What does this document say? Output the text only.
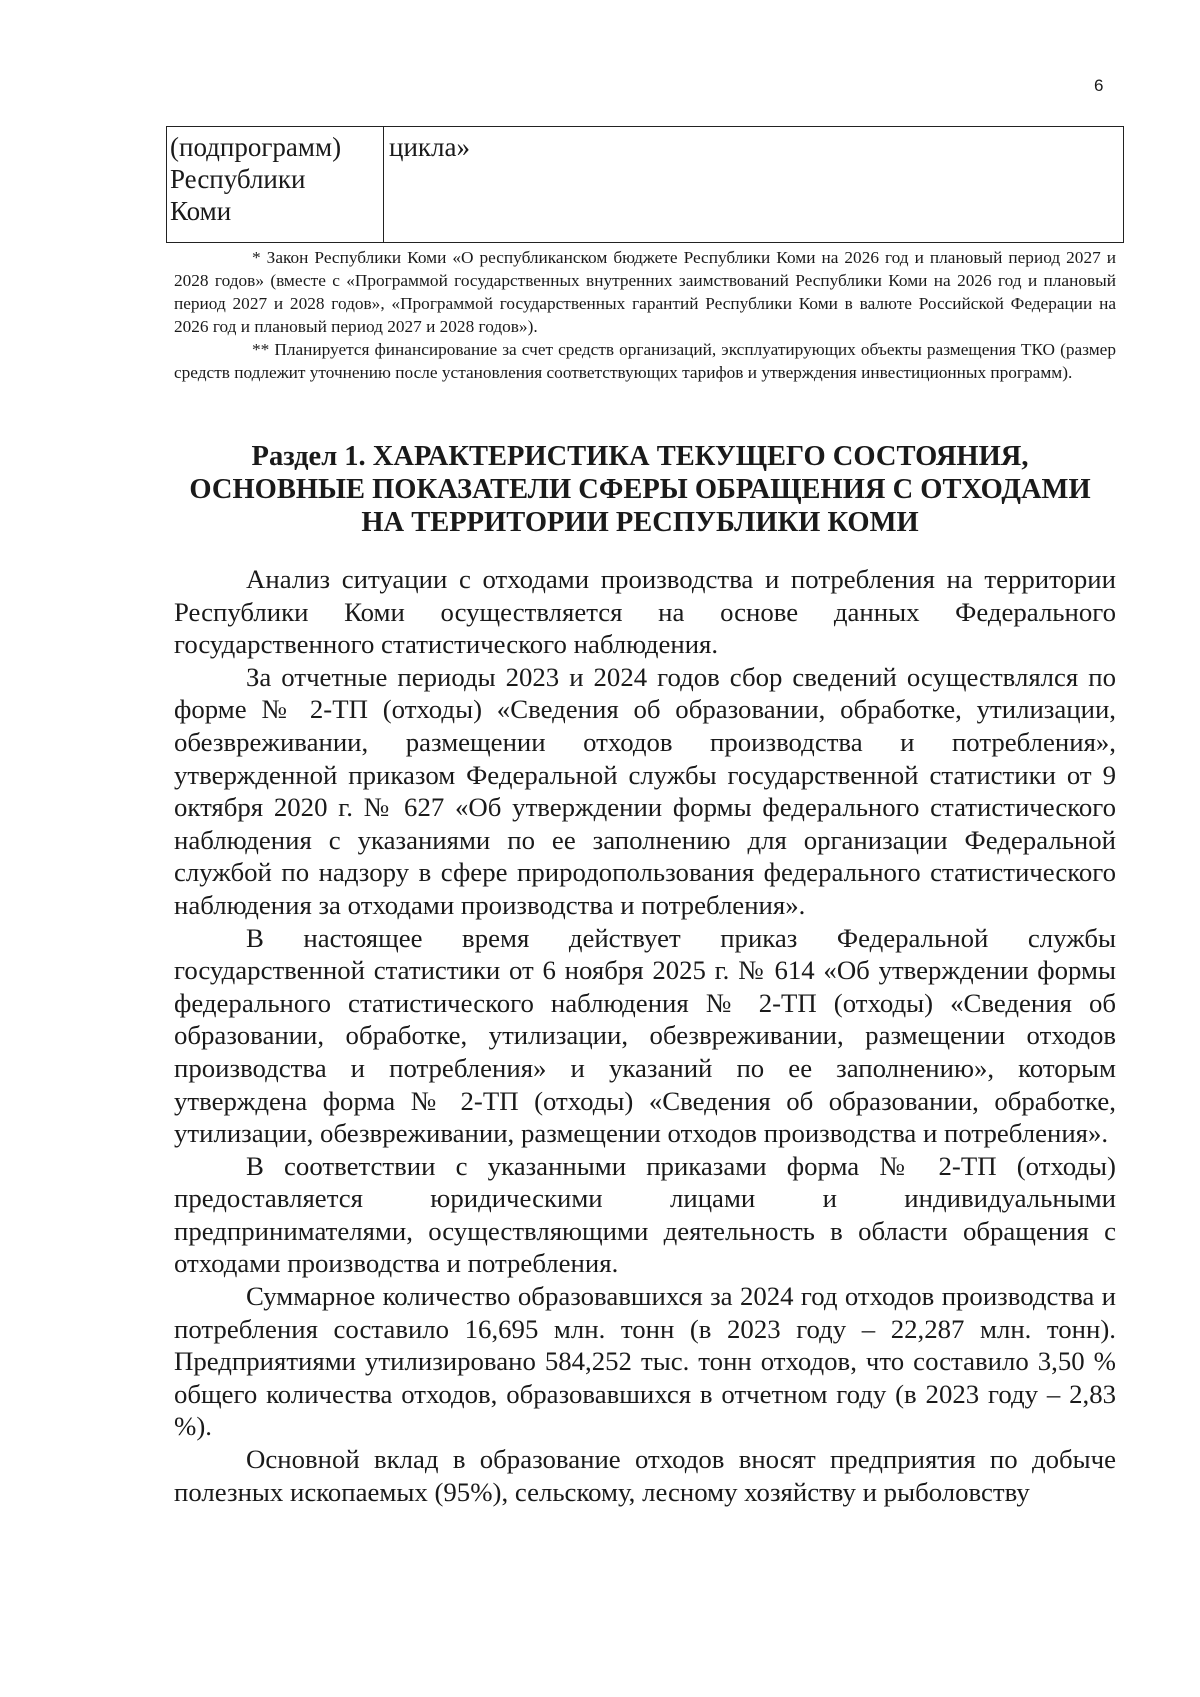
6
(подпрограмм)
Республики
Коми
	цикла»

* Закон Республики Коми «О республиканском бюджете Республики Коми на 2026 год и плановый период 2027 и 2028 годов» (вместе с «Программой государственных внутренних заимствований Республики Коми на 2026 год и плановый период 2027 и 2028 годов», «Программой государственных гарантий Республики Коми в валюте Российской Федерации на 2026 год и плановый период 2027 и 2028 годов»).

** Планируется финансирование за счет средств организаций, эксплуатирующих объекты размещения ТКО (размер средств подлежит уточнению после установления соответствующих тарифов и утверждения инвестиционных программ).

Раздел 1. ХАРАКТЕРИСТИКА ТЕКУЩЕГО СОСТОЯНИЯ,
ОСНОВНЫЕ ПОКАЗАТЕЛИ СФЕРЫ ОБРАЩЕНИЯ С ОТХОДАМИ
НА ТЕРРИТОРИИ РЕСПУБЛИКИ КОМИ

Анализ ситуации с отходами производства и потребления на территории Республики Коми осуществляется на основе данных Федерального государственного статистического наблюдения.

За отчетные периоды 2023 и 2024 годов сбор сведений осуществлялся по форме № 2-ТП (отходы) «Сведения об образовании, обработке, утилизации, обезвреживании, размещении отходов производства и потребления», утвержденной приказом Федеральной службы государственной статистики от 9 октября 2020 г. № 627 «Об утверждении формы федерального статистического наблюдения с указаниями по ее заполнению для организации Федеральной службой по надзору в сфере природопользования федерального статистического наблюдения за отходами производства и потребления».

В настоящее время действует приказ Федеральной службы государственной статистики от 6 ноября 2025 г. № 614 «Об утверждении формы федерального статистического наблюдения № 2-ТП (отходы) «Сведения об образовании, обработке, утилизации, обезвреживании, размещении отходов производства и потребления» и указаний по ее заполнению», которым утверждена форма № 2-ТП (отходы) «Сведения об образовании, обработке, утилизации, обезвреживании, размещении отходов производства и потребления».

В соответствии с указанными приказами форма № 2-ТП (отходы) предоставляется юридическими лицами и индивидуальными предпринимателями, осуществляющими деятельность в области обращения с отходами производства и потребления.

Суммарное количество образовавшихся за 2024 год отходов производства и потребления составило 16,695 млн. тонн (в 2023 году – 22,287 млн. тонн). Предприятиями утилизировано 584,252 тыс. тонн отходов, что составило 3,50 % общего количества отходов, образовавшихся в отчетном году (в 2023 году – 2,83 %).

Основной вклад в образование отходов вносят предприятия по добыче полезных ископаемых (95%), сельскому, лесному хозяйству и рыболовству
